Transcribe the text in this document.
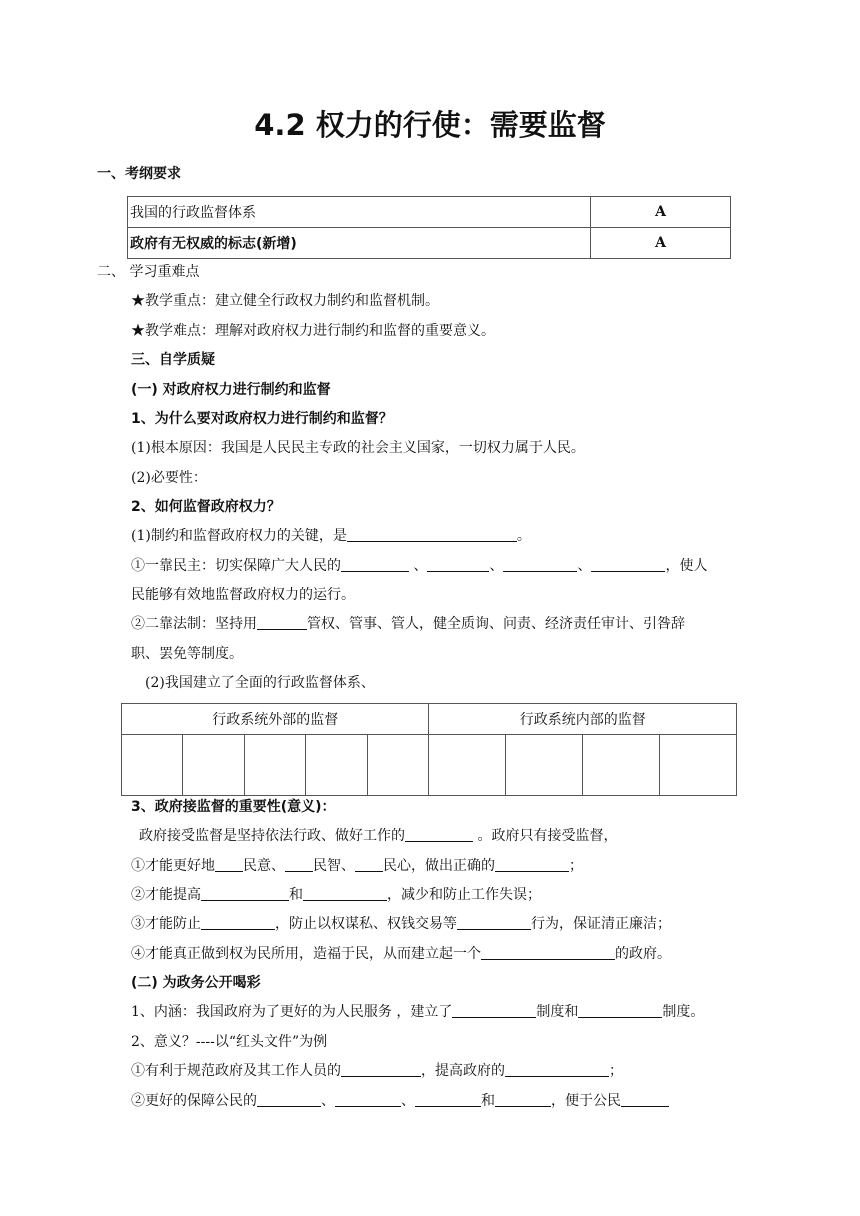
4.2 权力的行使：需要监督
一、考纲要求
我国的行政监督体系	A
政府有无权威的标志(新增)	A
二、 学习重难点
★教学重点：建立健全行政权力制约和监督机制。
★教学难点：理解对政府权力进行制约和监督的重要意义。
三、自学质疑
(一) 对政府权力进行制约和监督
1、为什么要对政府权力进行制约和监督？
(1)根本原因：我国是人民民主专政的社会主义国家，一切权力属于人民。
(2)必要性：
2、如何监督政府权力？
(1)制约和监督政府权力的关键，是	。
①一靠民主：切实保障广大人民的	、	、	、	，使人
民能够有效地监督政府权力的运行。
②二靠法制：坚持用	管权、管事、管人，健全质询、问责、经济责任审计、引咎辞
职、罢免等制度。
(2)我国建立了全面的行政监督体系、
行政系统外部的监督					行政系统内部的监督			

3、政府接监督的重要性(意义)：
政府接受监督是坚持依法行政、做好工作的	。政府只有接受监督，
①才能更好地 民意、 民智、 民心，做出正确的	；
②才能提高	和	，减少和防止工作失误；
③才能防止	，防止以权谋私、权钱交易等	行为，保证清正廉洁；
④才能真正做到权为民所用，造福于民，从而建立起一个	的政府。
(二) 为政务公开喝彩
1、内涵：我国政府为了更好的为人民服务 ，建立了	制度和	制度。
2、意义？----以“红头文件”为例
①有利于规范政府及其工作人员的	，提高政府的	；
②更好的保障公民的	、	、	和	，便于公民
